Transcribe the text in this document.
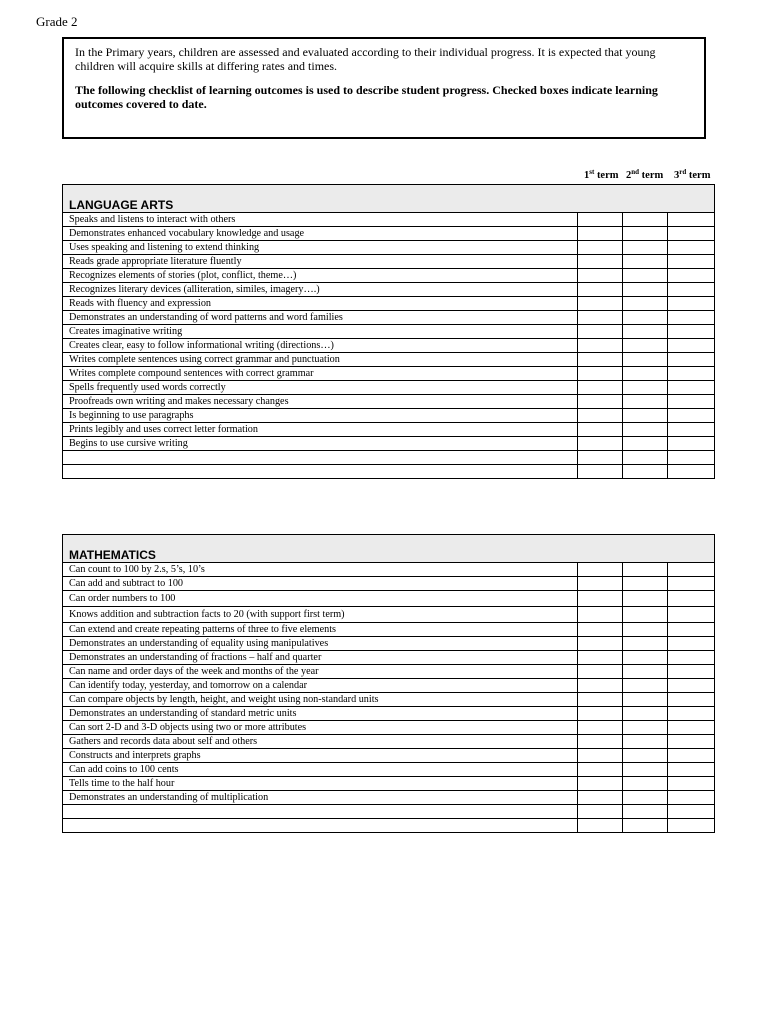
Grade 2

In the Primary years, children are assessed and evaluated according to their individual progress. It is expected that young children will acquire skills at differing rates and times.

The following checklist of learning outcomes is used to describe student progress. Checked boxes indicate learning outcomes covered to date.

1st term 2nd term 3rd term
LANGUAGE ARTS			
Speaks and listens to interact with others			
Demonstrates enhanced vocabulary knowledge and usage			
Uses speaking and listening to extend thinking			
Reads grade appropriate literature fluently			
Recognizes elements of stories (plot, conflict, theme…)			
Recognizes literary devices (alliteration, similes, imagery….)			
Reads with fluency and expression			
Demonstrates an understanding of word patterns and word families			
Creates imaginative writing			
Creates clear, easy to follow informational writing (directions…)			
Writes complete sentences using correct grammar and punctuation			
Writes complete compound sentences with correct grammar			
Spells frequently used words correctly			
Proofreads own writing and makes necessary changes			
Is beginning to use paragraphs			
Prints legibly and uses correct letter formation			
Begins to use cursive writing			

MATHEMATICS			
Can count to 100 by 2.s, 5’s, 10’s			
Can add and subtract to 100			
Can order numbers to 100			
Knows addition and subtraction facts to 20 (with support first term)			
Can extend and create repeating patterns of three to five elements			
Demonstrates an understanding of equality using manipulatives			
Demonstrates an understanding of fractions – half and quarter			
Can name and order days of the week and months of the year			
Can identify today, yesterday, and tomorrow on a calendar			
Can compare objects by length, height, and weight using non-standard units			
Demonstrates an understanding of standard metric units			
Can sort 2-D and 3-D objects using two or more attributes			
Gathers and records data about self and others			
Constructs and interprets graphs			
Can add coins to 100 cents			
Tells time to the half hour			
Demonstrates an understanding of multiplication			
